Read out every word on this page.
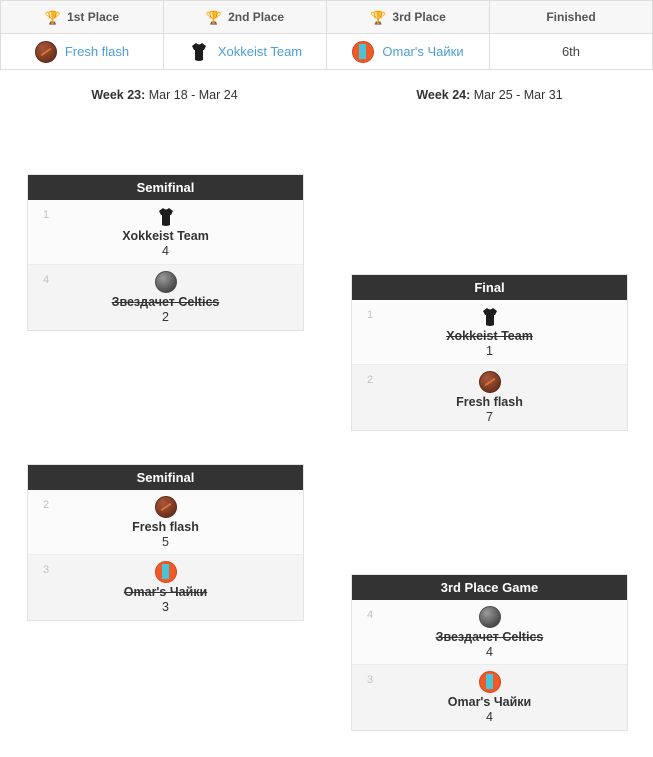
🏆 1st Place	🏆 2nd Place	🏆 3rd Place	Finished

Fresh flash	Xokkeist Team	Omar's Чайки	6th
Week 23: Mar 18 - Mar 24	Week 24: Mar 25 - Mar 31
Semifinal
1
Xokkeist Team
4
4
Звездачет Celtics
2
Semifinal
2
Fresh flash
5
3
Omar's Чайки
3
Final
1
Xokkeist Team
1
2
Fresh flash
7
3rd Place Game
4
Звездачет Celtics
4
3
Omar's Чайки
4
